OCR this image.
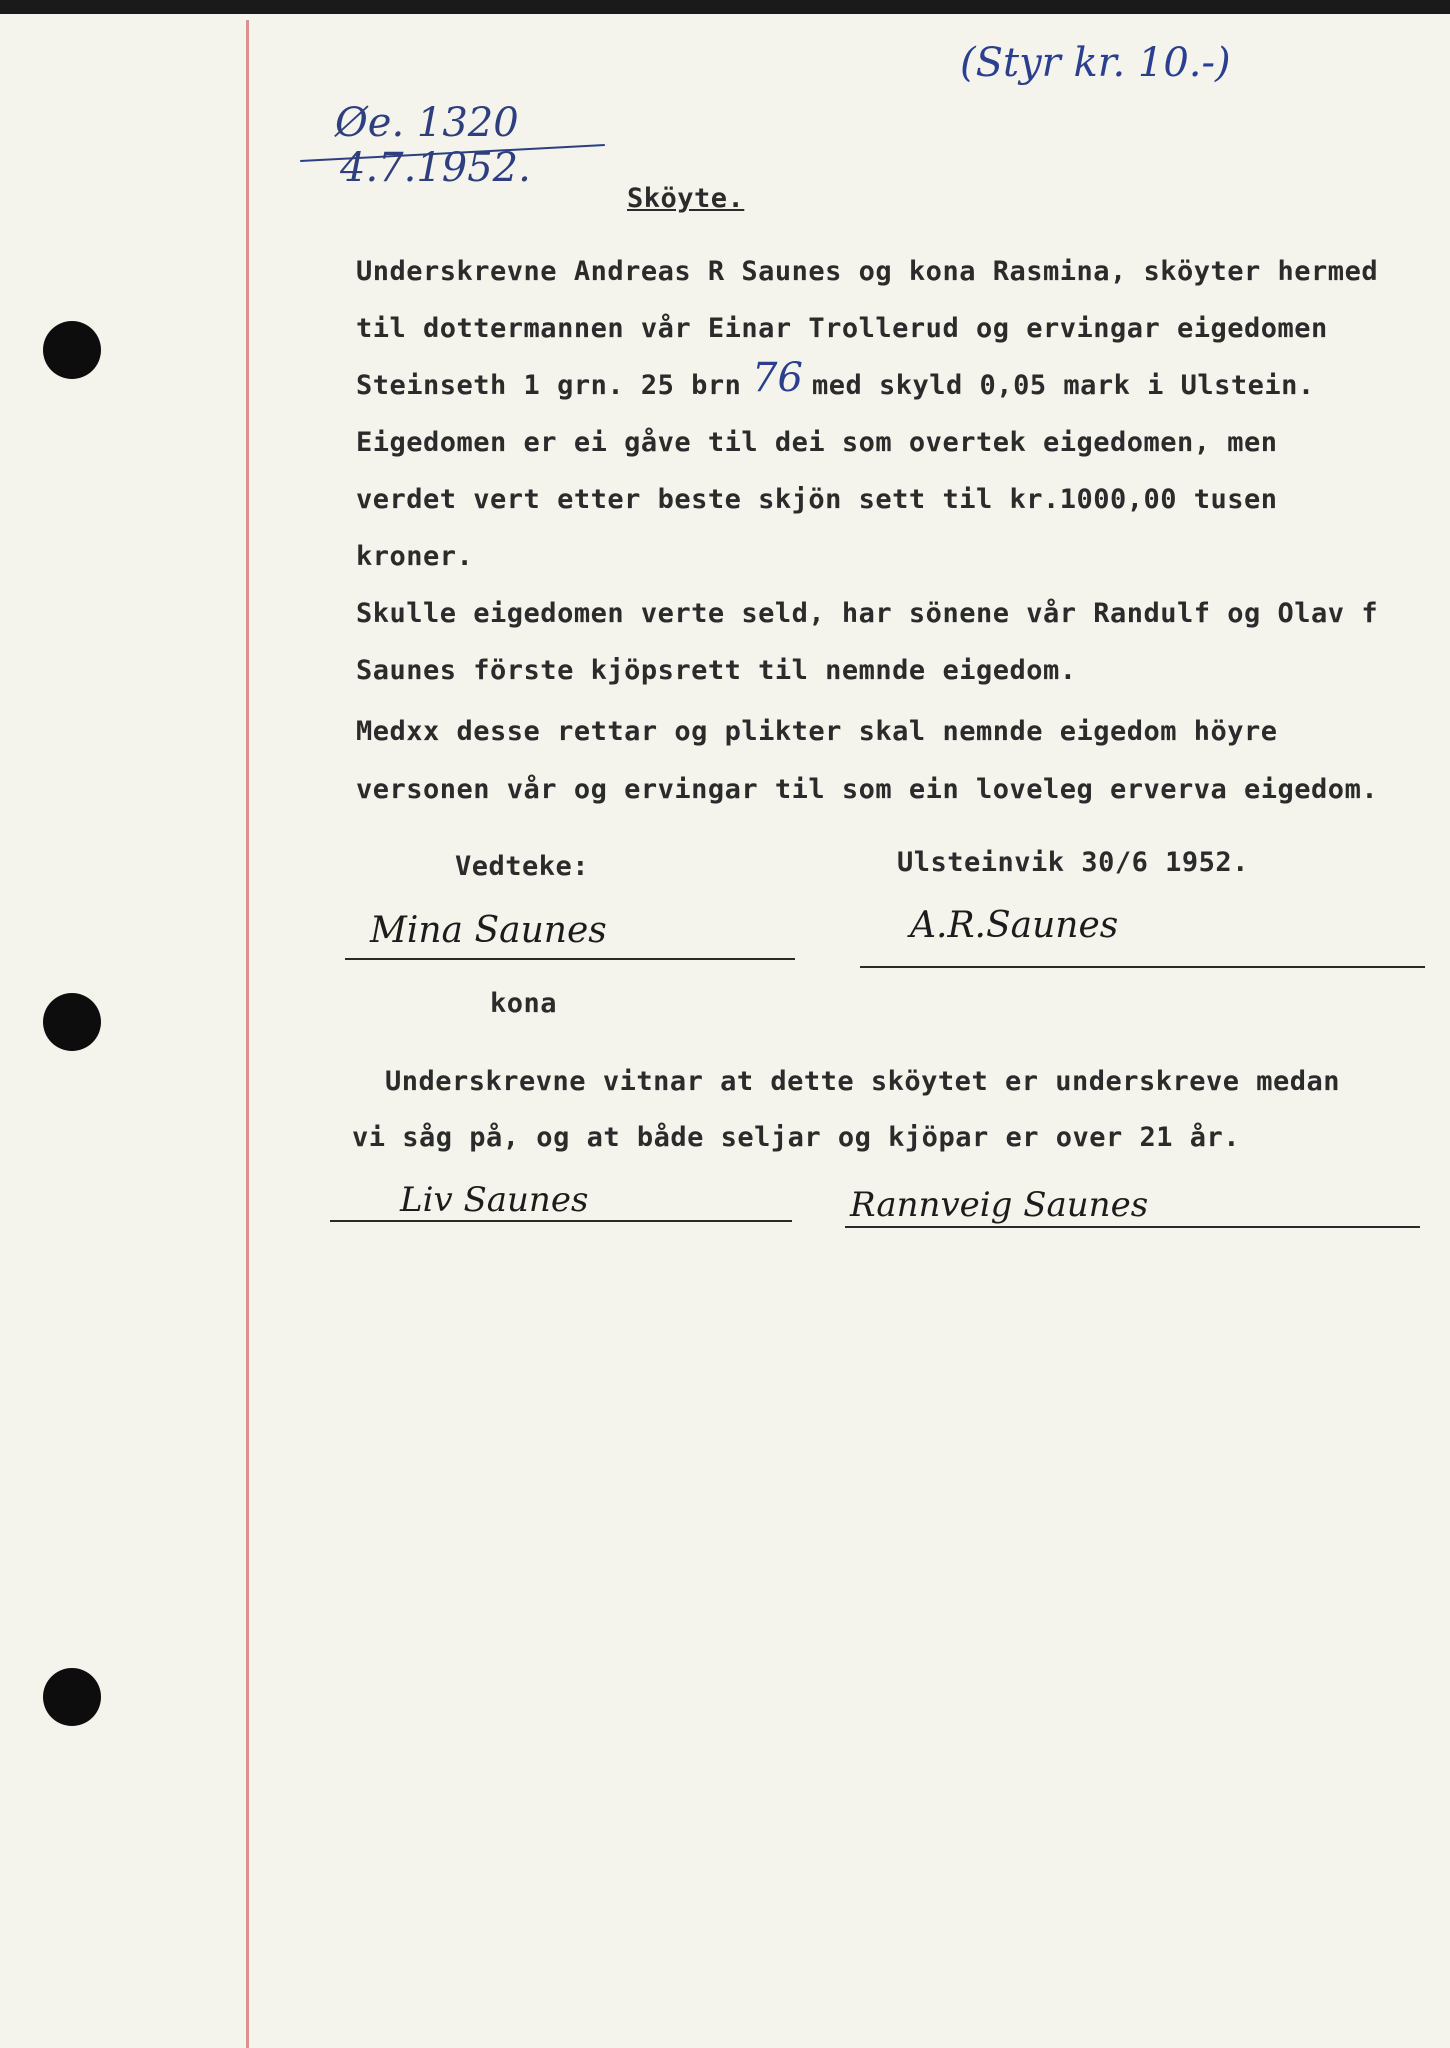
(Styr kr. 10.-)
Øe. 1320
4.7.1952.
Sköyte.
Underskrevne Andreas R Saunes og kona Rasmina, sköyter hermed
til dottermannen vår Einar Trollerud og ervingar eigedomen
Steinseth 1 grn. 25 brn 76 med skyld 0,05 mark i Ulstein.
Eigedomen er ei gåve til dei som overtek eigedomen, men
verdet vert etter beste skjön sett til kr.1000,00 tusen
kroner.
Skulle eigedomen verte seld, har sönene vår Randulf og Olav f
Saunes förste kjöpsrett til nemnde eigedom.
Medxx desse rettar og plikter skal nemnde eigedom höyre
versonen vår og ervingar til som ein loveleg erverva eigedom.
Vedteke:	Ulsteinvik 30/6 1952.
Mina Saunes	A.R.Saunes
kona
Underskrevne vitnar at dette sköytet er underskreve medan
vi såg på, og at både seljar og kjöpar er over 21 år.
Liv Saunes	Rannveig Saunes
